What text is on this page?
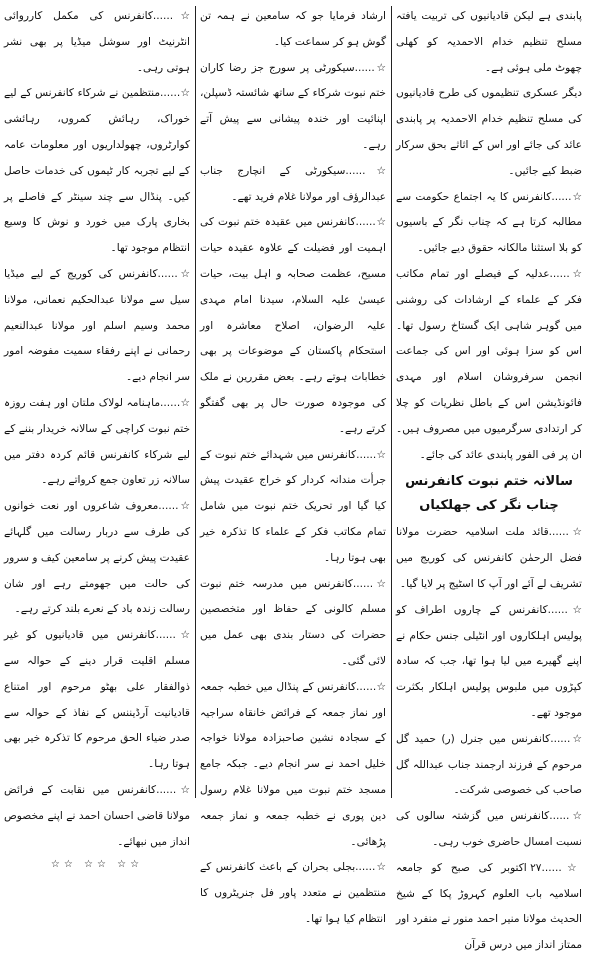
پابندی ہے لیکن قادیانیوں کی تربیت یافتہ مسلح تنظیم خدام الاحمدیہ کو کھلی چھوٹ ملی ہوئی ہے۔

دیگر عسکری تنظیموں کی طرح قادیانیوں کی مسلح تنظیم خدام الاحمدیہ پر پابندی عائد کی جائے اور اس کے اثاثے بحق سرکار ضبط کیے جائیں۔

☆......کانفرنس کا یہ اجتماع حکومت سے مطالبہ کرتا ہے کہ چناب نگر کے باسیوں کو بلا استثنا مالکانہ حقوق دیے جائیں۔

☆......عدلیہ کے فیصلے اور تمام مکاتب فکر کے علماء کے ارشادات کی روشنی میں گوہر شاہی ایک گستاخ رسول تھا۔ اس کو سزا ہوئی اور اس کی جماعت انجمن سرفروشان اسلام اور مہدی فائونڈیشن اس کے باطل نظریات کو چلا کر ارتدادی سرگرمیوں میں مصروف ہیں۔ ان پر فی الفور پابندی عائد کی جائے۔

سالانہ ختم نبوت کانفرنس چناب نگر کی جھلکیاں

☆......قائد ملت اسلامیہ حضرت مولانا فضل الرحمٰن کانفرنس کی کوریج میں تشریف لے آئے اور آپ کا اسٹیج پر لایا گیا۔

☆......کانفرنس کے چاروں اطراف کو پولیس اہلکاروں اور انٹیلی جنس حکام نے اپنے گھیرے میں لیا ہوا تھا، جب کہ سادہ کپڑوں میں ملبوس پولیس اہلکار بکثرت موجود تھے۔

☆......کانفرنس میں جنرل (ر) حمید گل مرحوم کے فرزند ارجمند جناب عبداللہ گل صاحب کی خصوصی شرکت۔

☆......کانفرنس میں گزشتہ سالوں کی نسبت امسال حاضری خوب رہی۔

☆......۲۷ اکتوبر کی صبح کو جامعہ اسلامیہ باب العلوم کہروڑ پکا کے شیخ الحدیث مولانا منیر احمد منور نے منفرد اور ممتاز انداز میں درس قرآن

ارشاد فرمایا جو کہ سامعین نے ہمہ تن گوش ہو کر سماعت کیا۔

☆......سیکورٹی پر سورج جز رضا کاران ختم نبوت شرکاء کے ساتھ شائستہ ڈسپلن، اپنائیت اور خندہ پیشانی سے پیش آتے رہے۔

☆......سیکورٹی کے انچارج جناب عبدالرؤف اور مولانا غلام فرید تھے۔

☆......کانفرنس میں عقیدہ ختم نبوت کی اہمیت اور فضیلت کے علاوہ عقیدہ حیات مسیح، عظمت صحابہ و اہل بیت، حیات عیسیٰ علیہ السلام، سیدنا امام مہدی علیہ الرضوان، اصلاح معاشرہ اور استحکام پاکستان کے موضوعات پر بھی خطابات ہوتے رہے۔ بعض مقررین نے ملک کی موجودہ صورت حال پر بھی گفتگو کرتے رہے۔

☆......کانفرنس میں شہدائے ختم نبوت کے جرأت مندانہ کردار کو خراج عقیدت پیش کیا گیا اور تحریک ختم نبوت میں شامل تمام مکاتب فکر کے علماء کا تذکرہ خیر بھی ہوتا رہا۔

☆......کانفرنس میں مدرسہ ختم نبوت مسلم کالونی کے حفاظ اور متخصصین حضرات کی دستار بندی بھی عمل میں لائی گئی۔

☆......کانفرنس کے پنڈال میں خطبہ جمعہ اور نماز جمعہ کے فرائض خانقاہ سراجیہ کے سجادہ نشین صاحبزادہ مولانا خواجہ خلیل احمد نے سر انجام دیے۔ جبکہ جامع مسجد ختم نبوت میں مولانا غلام رسول دین پوری نے خطبہ جمعہ و نماز جمعہ پڑھائی۔

☆......بجلی بحران کے باعث کانفرنس کے منتظمین نے متعدد پاور فل جنریٹروں کا انتظام کیا ہوا تھا۔

☆......کانفرنس کی مکمل کارروائی انٹرنیٹ اور سوشل میڈیا پر بھی نشر ہوتی رہی۔

☆......منتظمین نے شرکاء کانفرنس کے لیے خوراک، رہائش کمروں، رہائشی کوارٹروں، چھولداریوں اور معلومات عامہ کے لیے تجربہ کار ٹیموں کی خدمات حاصل کیں۔ پنڈال سے چند سینٹر کے فاصلے پر بخاری پارک میں خورد و نوش کا وسیع انتظام موجود تھا۔

☆......کانفرنس کی کوریج کے لیے میڈیا سیل سے مولانا عبدالحکیم نعمانی، مولانا محمد وسیم اسلم اور مولانا عبدالنعیم رحمانی نے اپنے رفقاء سمیت مفوضہ امور سر انجام دیے۔

☆......ماہنامہ لولاک ملتان اور ہفت روزہ ختم نبوت کراچی کے سالانہ خریدار بننے کے لیے شرکاء کانفرنس قائم کردہ دفتر میں سالانہ زر تعاون جمع کرواتے رہے۔

☆......معروف شاعروں اور نعت خوانوں کی طرف سے دربار رسالت میں گلہائے عقیدت پیش کرنے پر سامعین کیف و سرور کی حالت میں جھومتے رہے اور شان رسالت زندہ باد کے نعرے بلند کرتے رہے۔

☆......کانفرنس میں قادیانیوں کو غیر مسلم اقلیت قرار دینے کے حوالہ سے ذوالفقار علی بھٹو مرحوم اور امتناع قادیانیت آرڈیننس کے نفاذ کے حوالہ سے صدر ضیاء الحق مرحوم کا تذکرہ خیر بھی ہوتا رہا۔

☆......کانفرنس میں نقابت کے فرائض مولانا قاضی احسان احمد نے اپنے مخصوص انداز میں نبھائے۔

☆☆ ☆☆ ☆☆
